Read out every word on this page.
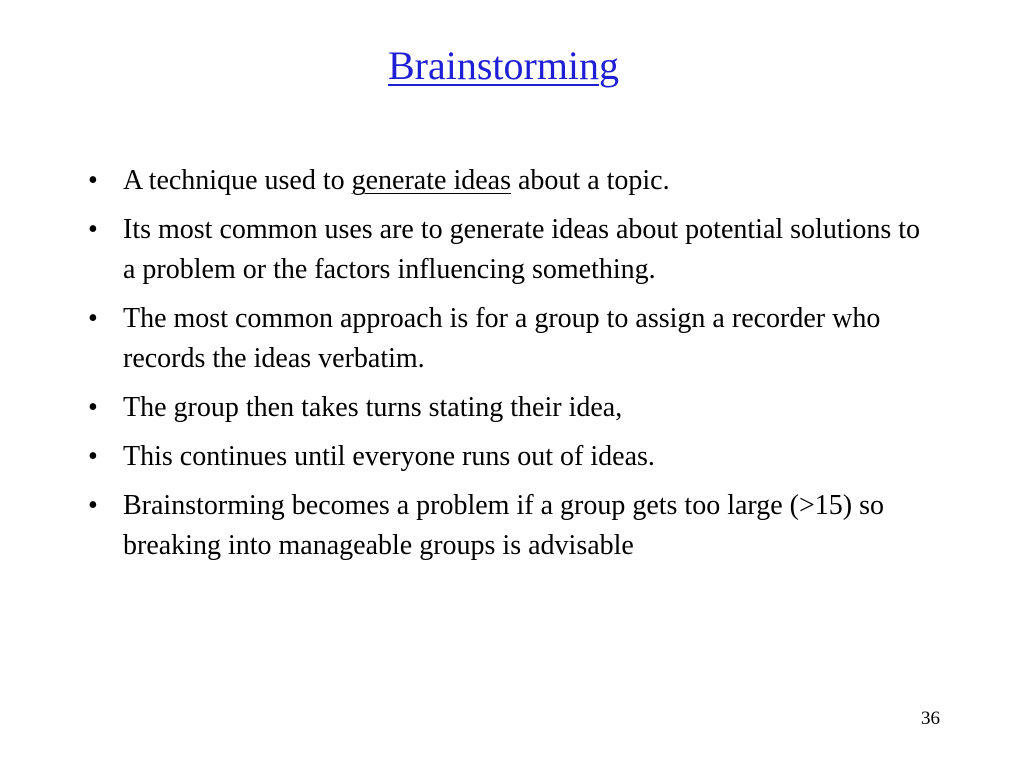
Brainstorming
• A technique used to generate ideas about a topic.
• Its most common uses are to generate ideas about potential solutions to a problem or the factors influencing something.
• The most common approach is for a group to assign a recorder who records the ideas verbatim.
• The group then takes turns stating their idea,
• This continues until everyone runs out of ideas.
• Brainstorming becomes a problem if a group gets too large (>15) so breaking into manageable groups is advisable
36
